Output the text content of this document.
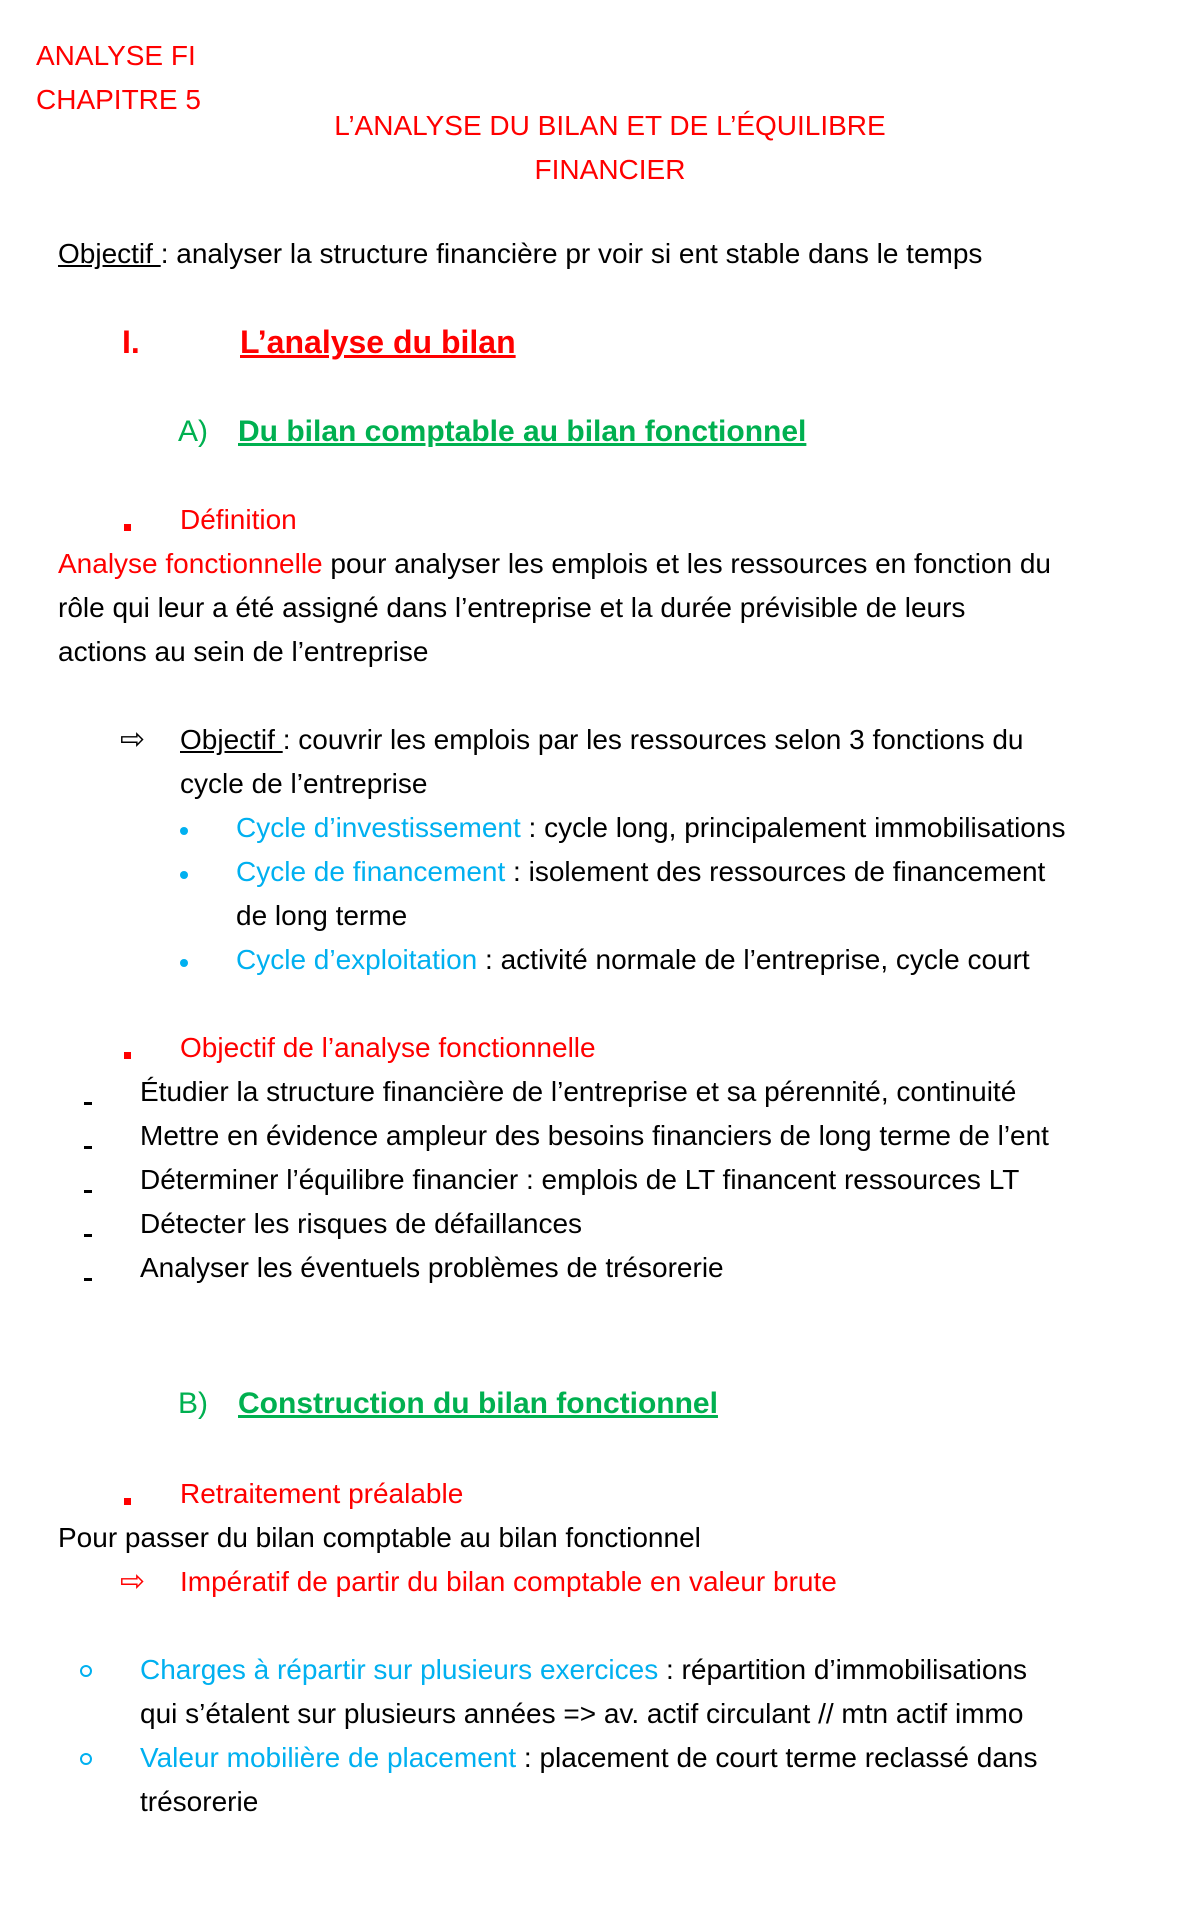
ANALYSE FI
CHAPITRE 5
L’ANALYSE DU BILAN ET DE L’ÉQUILIBRE
FINANCIER
Objectif : analyser la structure financière pr voir si ent stable dans le temps
I.	L’analyse du bilan
A) Du bilan comptable au bilan fonctionnel
Définition
Analyse fonctionnelle pour analyser les emplois et les ressources en fonction du
rôle qui leur a été assigné dans l’entreprise et la durée prévisible de leurs
actions au sein de l’entreprise
⇨ Objectif : couvrir les emplois par les ressources selon 3 fonctions du
cycle de l’entreprise
Cycle d’investissement : cycle long, principalement immobilisations
Cycle de financement : isolement des ressources de financement
de long terme
Cycle d’exploitation : activité normale de l’entreprise, cycle court
Objectif de l’analyse fonctionnelle
Étudier la structure financière de l’entreprise et sa pérennité, continuité
Mettre en évidence ampleur des besoins financiers de long terme de l’ent
Déterminer l’équilibre financier : emplois de LT financent ressources LT
Détecter les risques de défaillances
Analyser les éventuels problèmes de trésorerie
B) Construction du bilan fonctionnel
Retraitement préalable
Pour passer du bilan comptable au bilan fonctionnel
⇨ Impératif de partir du bilan comptable en valeur brute
Charges à répartir sur plusieurs exercices : répartition d’immobilisations
qui s’étalent sur plusieurs années => av. actif circulant // mtn actif immo
Valeur mobilière de placement : placement de court terme reclassé dans
trésorerie
